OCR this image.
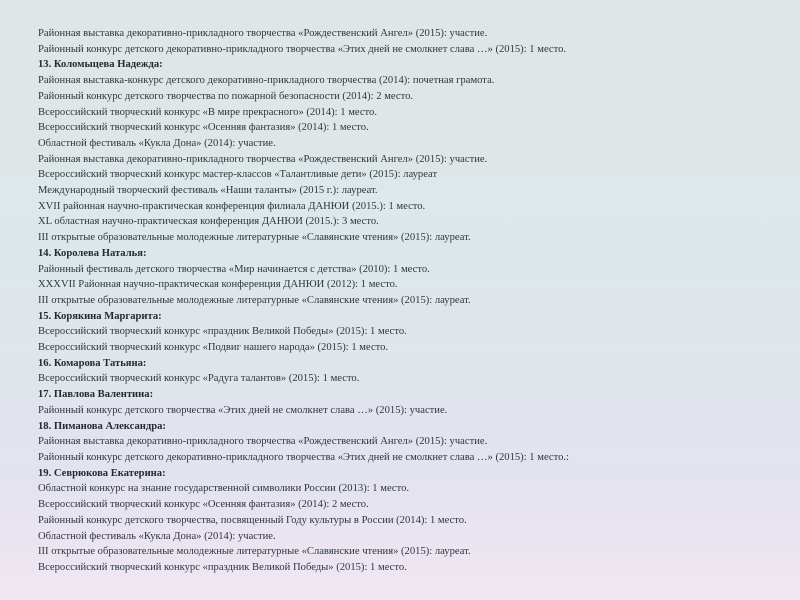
Районная выставка декоративно-прикладного творчества «Рождественский Ангел» (2015): участие.
Районный конкурс детского декоративно-прикладного творчества «Этих дней не смолкнет слава …» (2015): 1 место.
13. Коломыцева Надежда:
Районная выставка-конкурс детского декоративно-прикладного творчества (2014): почетная грамота.
Районный конкурс детского творчества по пожарной безопасности (2014): 2 место.
Всероссийский творческий конкурс «В мире прекрасного» (2014): 1 место.
Всероссийский творческий конкурс «Осенняя фантазия» (2014): 1 место.
Областной фестиваль «Кукла Дона» (2014): участие.
Районная выставка декоративно-прикладного творчества «Рождественский Ангел» (2015): участие.
Всероссийский творческий конкурс мастер-классов «Талантливые дети» (2015): лауреат
Международный творческий фестиваль «Наши таланты» (2015 г.): лауреат.
XVII районная научно-практическая конференция филиала ДАНЮИ (2015.): 1 место.
XL областная научно-практическая конференция ДАНЮИ (2015.): 3 место.
III открытые образовательные молодежные литературные «Славянские чтения» (2015): лауреат.
14. Королева Наталья:
Районный фестиваль детского творчества «Мир начинается с детства» (2010): 1 место.
XXXVII Районная научно-практическая конференция ДАНЮИ (2012): 1 место.
III открытые образовательные молодежные литературные «Славянские чтения» (2015): лауреат.
15. Корякина Маргарита:
Всероссийский творческий конкурс «праздник Великой Победы» (2015): 1 место.
Всероссийский творческий конкурс «Подвиг нашего народа» (2015): 1 место.
16. Комарова Татьяна:
Всероссийский творческий конкурс «Радуга талантов» (2015): 1 место.
17. Павлова Валентина:
Районный конкурс детского творчества «Этих дней не смолкнет слава …» (2015): участие.
18. Пиманова Александра:
Районная выставка декоративно-прикладного творчества «Рождественский Ангел» (2015): участие.
Районный конкурс детского декоративно-прикладного творчества «Этих дней не смолкнет слава …» (2015): 1 место.:
19. Севрюкова Екатерина:
Областной конкурс на знание государственной символики России (2013): 1 место.
Всероссийский творческий конкурс «Осенняя фантазия» (2014): 2 место.
Районный конкурс детского творчества, посвященный Году культуры в России (2014): 1 место.
Областной фестиваль «Кукла Дона» (2014): участие.
III открытые образовательные молодежные литературные «Славянские чтения» (2015): лауреат.
Всероссийский творческий конкурс «праздник Великой Победы» (2015): 1 место.
